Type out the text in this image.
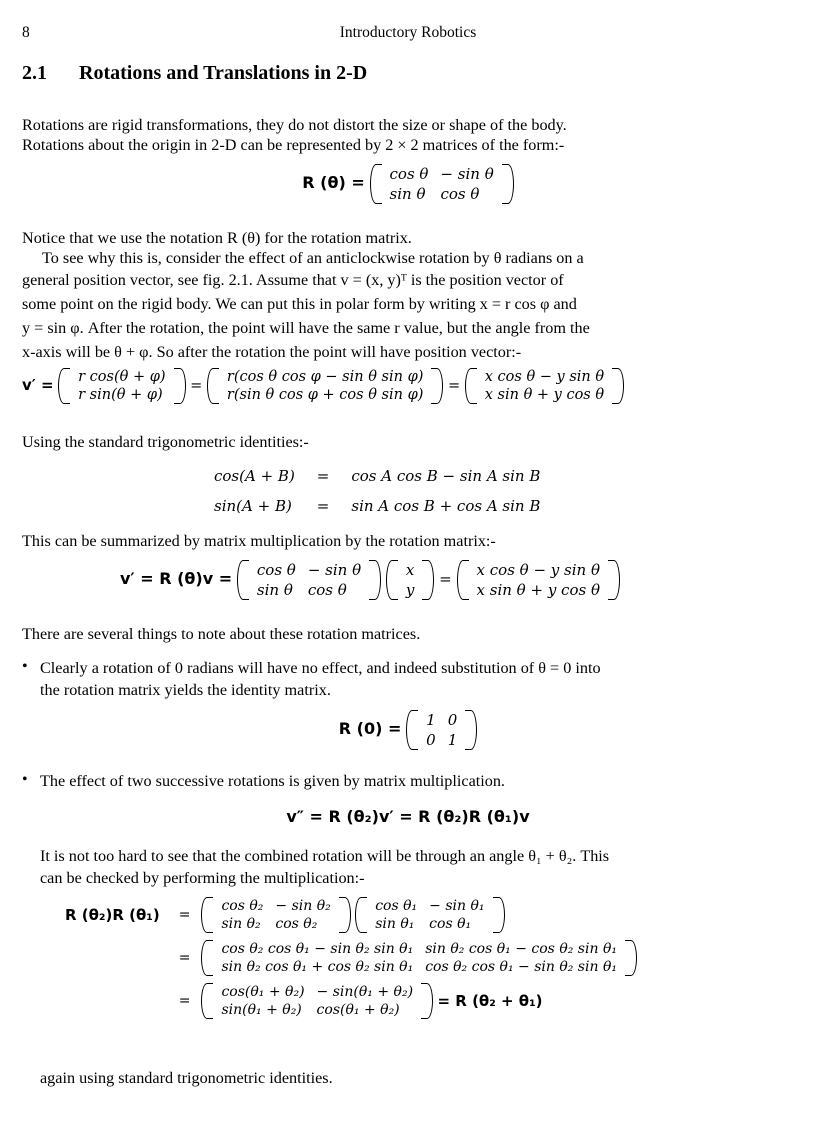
8	Introductory Robotics
2.1 Rotations and Translations in 2-D
Rotations are rigid transformations, they do not distort the size or shape of the body.
Rotations about the origin in 2-D can be represented by 2 × 2 matrices of the form:-
R (θ) = cos θ	− sin θ
sin θ	cos θ
Notice that we use the notation R (θ) for the rotation matrix.
To see why this is, consider the effect of an anticlockwise rotation by θ radians on a
general position vector, see fig. 2.1. Assume that v = (x, y)ᵀ is the position vector of
some point on the rigid body. We can put this in polar form by writing x = r cos φ and
y = sin φ. After the rotation, the point will have the same r value, but the angle from the
x-axis will be θ + φ. So after the rotation the point will have position vector:-
v′ = r cos(θ + φ)
r sin(θ + φ)
=
r(cos θ cos φ − sin θ sin φ)
r(sin θ cos φ + cos θ sin φ)
=
x cos θ − y sin θ
x sin θ + y cos θ
Using the standard trigonometric identities:-
cos(A + B)	=	cos A cos B − sin A sin B
sin(A + B)	=	sin A cos B + cos A sin B
This can be summarized by matrix multiplication by the rotation matrix:-
v′ = R (θ)v = cos θ	− sin θ
sin θ	cos θ

x
y
= x cos θ − y sin θ
x sin θ + y cos θ
There are several things to note about these rotation matrices.
• Clearly a rotation of 0 radians will have no effect, and indeed substitution of θ = 0 into
the rotation matrix yields the identity matrix.
R (0) = 1	0
0	1
• The effect of two successive rotations is given by matrix multiplication.
v″ = R (θ₂)v′ = R (θ₂)R (θ₁)v
It is not too hard to see that the combined rotation will be through an angle θ₁ + θ₂. This
can be checked by performing the multiplication:-
R (θ₂)R (θ₁)	=	
cos θ₂	− sin θ₂
sin θ₂	cos θ₂

cos θ₁	− sin θ₁
sin θ₁	cos θ₁

	=	
cos θ₂ cos θ₁ − sin θ₂ sin θ₁	sin θ₂ cos θ₁ − cos θ₂ sin θ₁
sin θ₂ cos θ₁ + cos θ₂ sin θ₁	cos θ₂ cos θ₁ − sin θ₂ sin θ₁

	=	
cos(θ₁ + θ₂)	− sin(θ₁ + θ₂)
sin(θ₁ + θ₂)	cos(θ₁ + θ₂)	= R (θ₂ + θ₁)
again using standard trigonometric identities.
